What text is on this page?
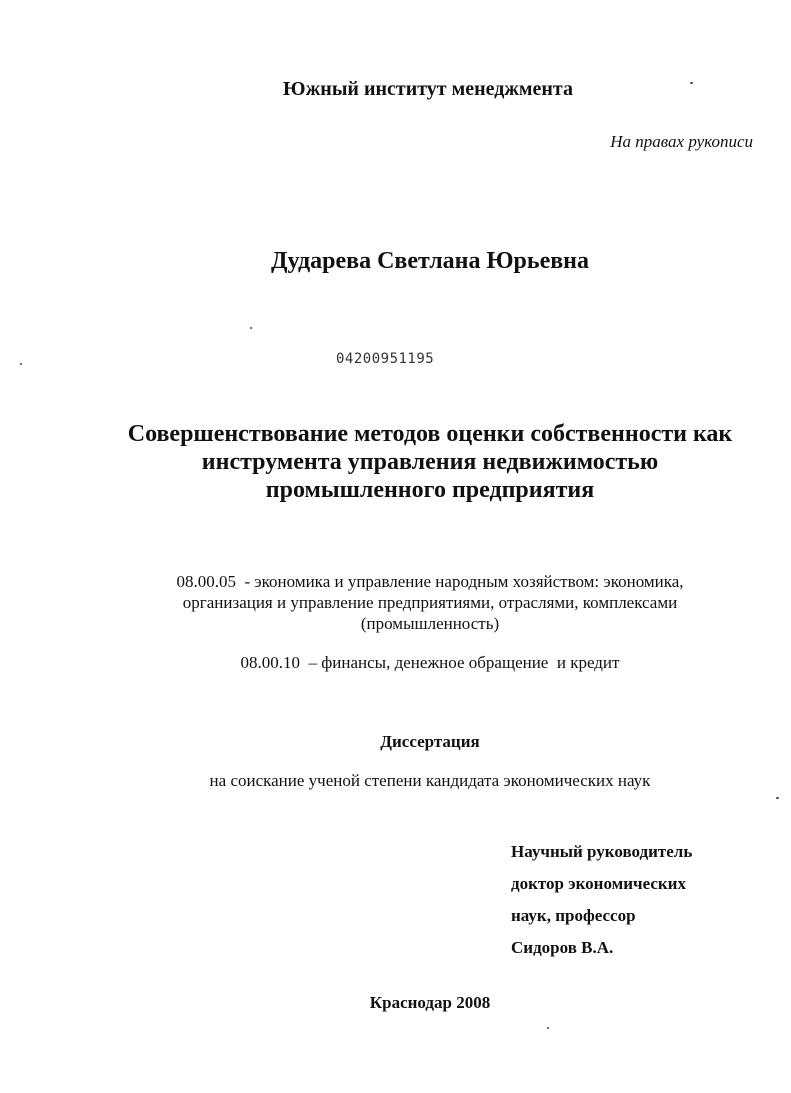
Южный институт менеджмента
На правах рукописи
Дударева Светлана Юрьевна
04200951195
Совершенствование методов оценки собственности как
инструмента управления недвижимостью
промышленного предприятия
08.00.05  - экономика и управление народным хозяйством: экономика,
организация и управление предприятиями, отраслями, комплексами
(промышленность)
08.00.10  – финансы, денежное обращение  и кредит
Диссертация
на соискание ученой степени кандидата экономических наук
Научный руководитель
доктор экономических
наук, профессор
Сидоров В.А.
Краснодар 2008
